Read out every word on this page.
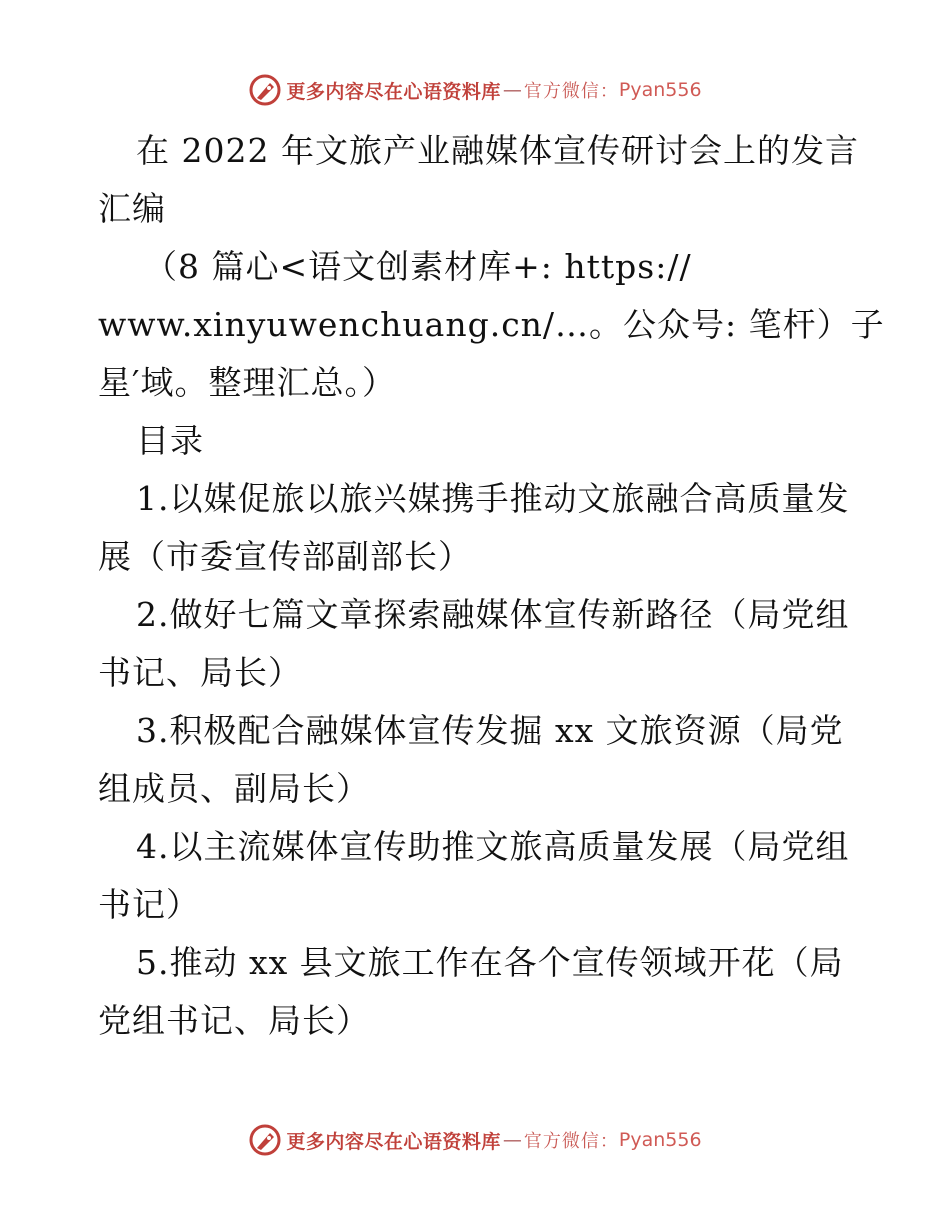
更多内容尽在心语资料库 — 官方微信： Pyan556
在 2022 年文旅产业融媒体宣传研讨会上的发言
汇编
（8 篇心<语文创素材库+: https://
www.xinyuwenchuang.cn/…。公众号: 笔杆）子
星′域。整理汇总。）
目录
1.以媒促旅以旅兴媒携手推动文旅融合高质量发
展（市委宣传部副部长）
2.做好七篇文章探索融媒体宣传新路径（局党组
书记、局长）
3.积极配合融媒体宣传发掘 xx 文旅资源（局党
组成员、副局长）
4.以主流媒体宣传助推文旅高质量发展（局党组
书记）
5.推动 xx 县文旅工作在各个宣传领域开花（局
党组书记、局长）
更多内容尽在心语资料库 — 官方微信： Pyan556
